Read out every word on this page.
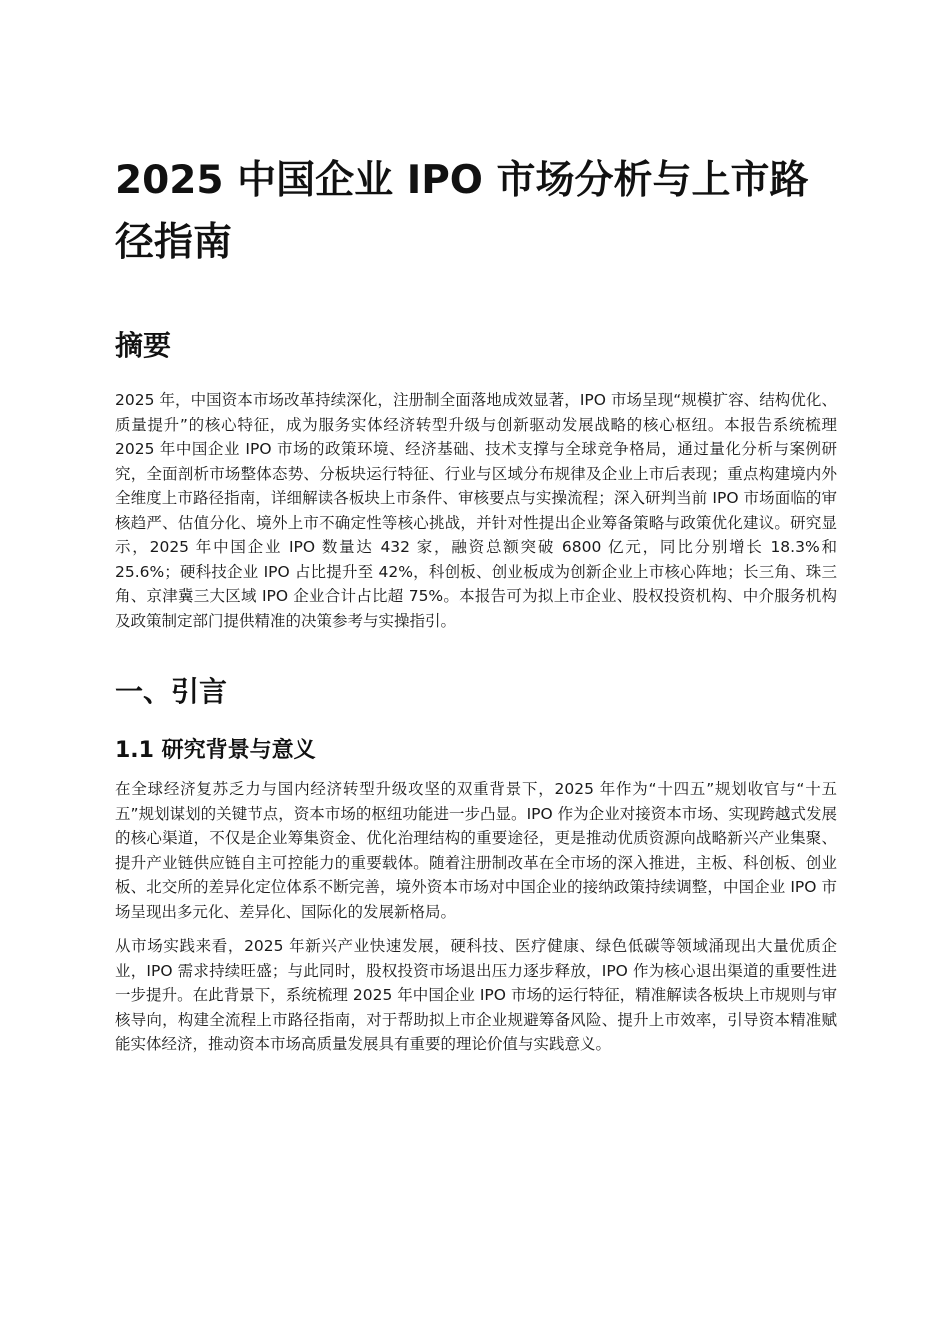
2025 中国企业 IPO 市场分析与上市路径指南
摘要

2025 年，中国资本市场改革持续深化，注册制全面落地成效显著，IPO 市场呈现“规模扩容、结构优化、质量提升”的核心特征，成为服务实体经济转型升级与创新驱动发展战略的核心枢纽。本报告系统梳理 2025 年中国企业 IPO 市场的政策环境、经济基础、技术支撑与全球竞争格局，通过量化分析与案例研究，全面剖析市场整体态势、分板块运行特征、行业与区域分布规律及企业上市后表现；重点构建境内外全维度上市路径指南，详细解读各板块上市条件、审核要点与实操流程；深入研判当前 IPO 市场面临的审核趋严、估值分化、境外上市不确定性等核心挑战，并针对性提出企业筹备策略与政策优化建议。研究显示，2025 年中国企业 IPO 数量达 432 家，融资总额突破 6800 亿元，同比分别增长 18.3%和 25.6%；硬科技企业 IPO 占比提升至 42%，科创板、创业板成为创新企业上市核心阵地；长三角、珠三角、京津冀三大区域 IPO 企业合计占比超 75%。本报告可为拟上市企业、股权投资机构、中介服务机构及政策制定部门提供精准的决策参考与实操指引。

一、引言
1.1 研究背景与意义

在全球经济复苏乏力与国内经济转型升级攻坚的双重背景下，2025 年作为“十四五”规划收官与“十五五”规划谋划的关键节点，资本市场的枢纽功能进一步凸显。IPO 作为企业对接资本市场、实现跨越式发展的核心渠道，不仅是企业筹集资金、优化治理结构的重要途径，更是推动优质资源向战略新兴产业集聚、提升产业链供应链自主可控能力的重要载体。随着注册制改革在全市场的深入推进，主板、科创板、创业板、北交所的差异化定位体系不断完善，境外资本市场对中国企业的接纳政策持续调整，中国企业 IPO 市场呈现出多元化、差异化、国际化的发展新格局。

从市场实践来看，2025 年新兴产业快速发展，硬科技、医疗健康、绿色低碳等领域涌现出大量优质企业，IPO 需求持续旺盛；与此同时，股权投资市场退出压力逐步释放，IPO 作为核心退出渠道的重要性进一步提升。在此背景下，系统梳理 2025 年中国企业 IPO 市场的运行特征，精准解读各板块上市规则与审核导向，构建全流程上市路径指南，对于帮助拟上市企业规避筹备风险、提升上市效率，引导资本精准赋能实体经济，推动资本市场高质量发展具有重要的理论价值与实践意义。
